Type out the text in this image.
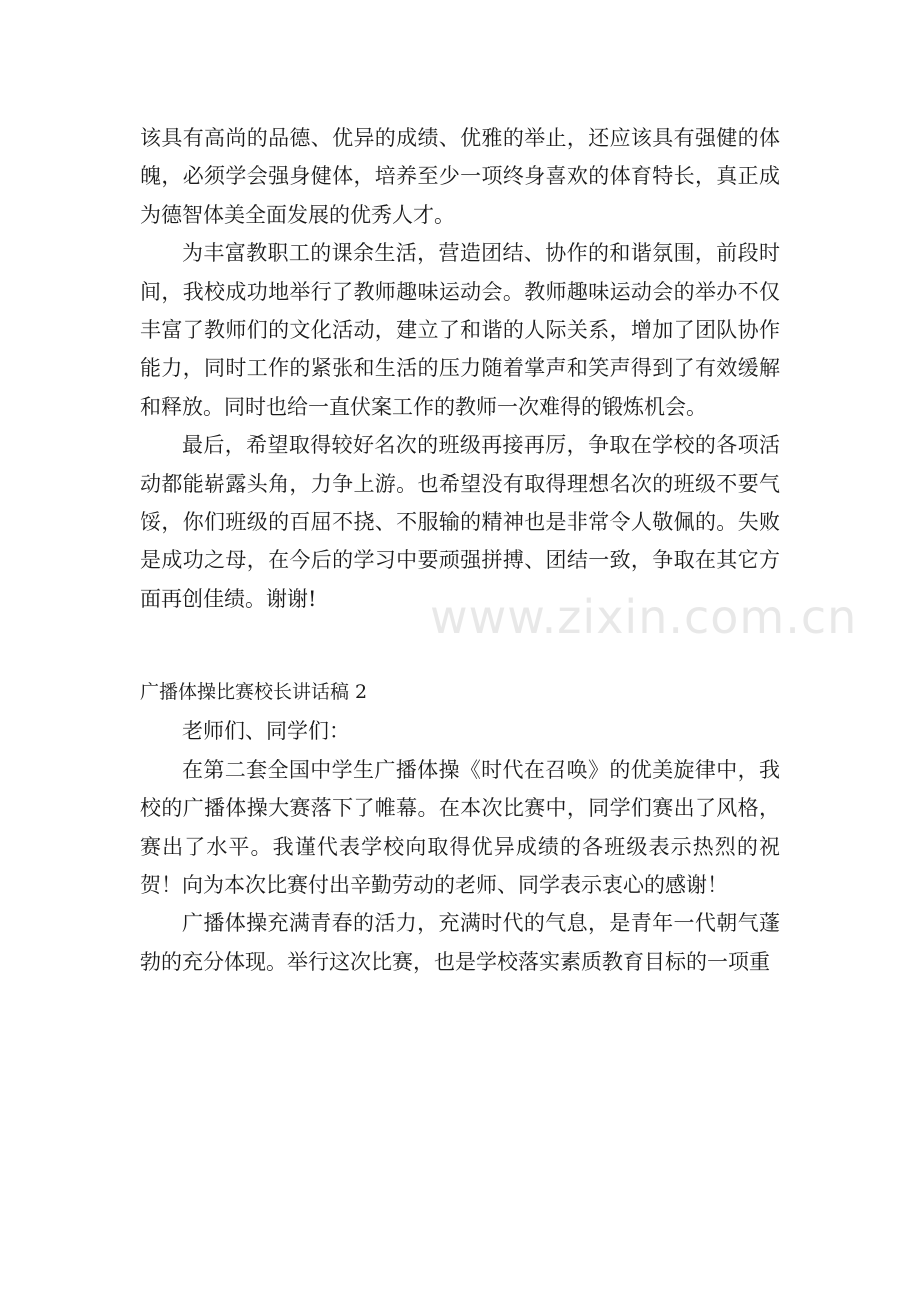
该具有高尚的品德、优异的成绩、优雅的举止，还应该具有强健的体魄，必须学会强身健体，培养至少一项终身喜欢的体育特长，真正成为德智体美全面发展的优秀人才。

为丰富教职工的课余生活，营造团结、协作的和谐氛围，前段时间，我校成功地举行了教师趣味运动会。教师趣味运动会的举办不仅丰富了教师们的文化活动，建立了和谐的人际关系，增加了团队协作能力，同时工作的紧张和生活的压力随着掌声和笑声得到了有效缓解和释放。同时也给一直伏案工作的教师一次难得的锻炼机会。

最后，希望取得较好名次的班级再接再厉，争取在学校的各项活动都能崭露头角，力争上游。也希望没有取得理想名次的班级不要气馁，你们班级的百屈不挠、不服输的精神也是非常令人敬佩的。失败是成功之母，在今后的学习中要顽强拼搏、团结一致，争取在其它方面再创佳绩。谢谢!

广播体操比赛校长讲话稿 2

老师们、同学们：

在第二套全国中学生广播体操《时代在召唤》的优美旋律中，我校的广播体操大赛落下了帷幕。在本次比赛中，同学们赛出了风格，赛出了水平。我谨代表学校向取得优异成绩的各班级表示热烈的祝贺！向为本次比赛付出辛勤劳动的老师、同学表示衷心的感谢！

广播体操充满青春的活力，充满时代的气息，是青年一代朝气蓬勃的充分体现。举行这次比赛，也是学校落实素质教育目标的一项重

www.zixin.com.cn
